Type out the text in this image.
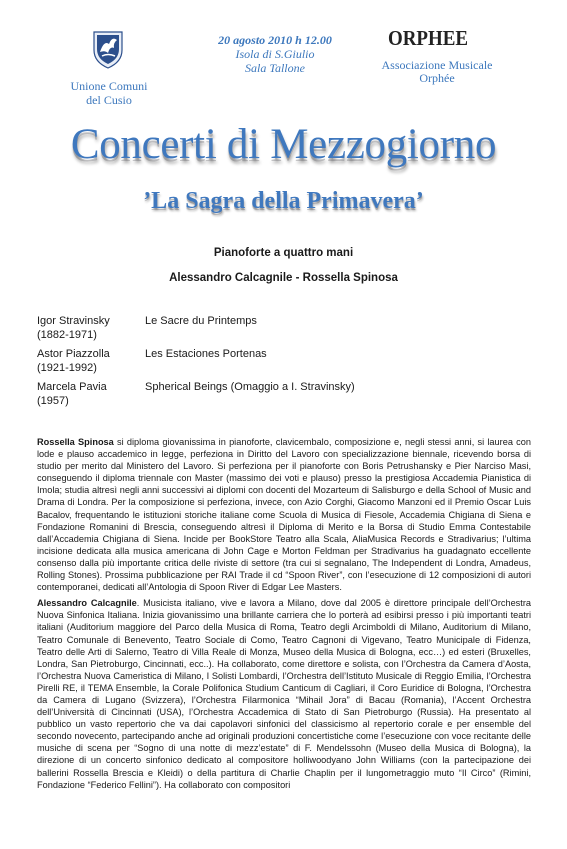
Unione Comuni
del Cusio
20 agosto 2010 h 12.00
Isola di S.Giulio
Sala Tallone
ORPHEE
Associazione Musicale
Orphée
Concerti di Mezzogiorno
’La Sagra della Primavera’
Pianoforte a quattro mani
Alessandro Calcagnile - Rossella Spinosa
Igor Stravinsky
(1882-1971)
Le Sacre du Printemps
Astor Piazzolla
(1921-1992)
Les Estaciones Portenas
Marcela Pavia
(1957)
Spherical Beings (Omaggio a I. Stravinsky)

Rossella Spinosa si diploma giovanissima in pianoforte, clavicembalo, composizione e, negli stessi anni, si laurea con lode e plauso accademico in legge, perfeziona in Diritto del Lavoro con specializzazione biennale, ricevendo borsa di studio per merito dal Ministero del Lavoro. Si perfeziona per il pianoforte con Boris Petrushansky e Pier Narciso Masi, conseguendo il diploma triennale con Master (massimo dei voti e plauso) presso la prestigiosa Accademia Pianistica di Imola; studia altresì negli anni successivi ai diplomi con docenti del Mozarteum di Salisburgo e della School of Music and Drama di Londra. Per la composizione si perfeziona, invece, con Azio Corghi, Giacomo Manzoni ed il Premio Oscar Luis Bacalov, frequentando le istituzioni storiche italiane come Scuola di Musica di Fiesole, Accademia Chigiana di Siena e Fondazione Romanini di Brescia, conseguendo altresì il Diploma di Merito e la Borsa di Studio Emma Contestabile dall’Accademia Chigiana di Siena. Incide per BookStore Teatro alla Scala, AliaMusica Records e Stradivarius; l’ultima incisione dedicata alla musica americana di John Cage e Morton Feldman per Stradivarius ha guadagnato eccellente consenso dalla più importante critica delle riviste di settore (tra cui si segnalano, The Independent di Londra, Amadeus, Rolling Stones). Prossima pubblicazione per RAI Trade il cd “Spoon River”, con l’esecuzione di 12 composizioni di autori contemporanei, dedicati all’Antologia di Spoon River di Edgar Lee Masters.

Alessandro Calcagnile. Musicista italiano, vive e lavora a Milano, dove dal 2005 è direttore principale dell’Orchestra Nuova Sinfonica Italiana. Inizia giovanissimo una brillante carriera che lo porterà ad esibirsi presso i più importanti teatri italiani (Auditorium maggiore del Parco della Musica di Roma, Teatro degli Arcimboldi di Milano, Auditorium di Milano, Teatro Comunale di Benevento, Teatro Sociale di Como, Teatro Cagnoni di Vigevano, Teatro Municipale di Fidenza, Teatro delle Arti di Salerno, Teatro di Villa Reale di Monza, Museo della Musica di Bologna, ecc…) ed esteri (Bruxelles, Londra, San Pietroburgo, Cincinnati, ecc..). Ha collaborato, come direttore e solista, con l’Orchestra da Camera d’Aosta, l’Orchestra Nuova Cameristica di Milano, I Solisti Lombardi, l’Orchestra dell’Istituto Musicale di Reggio Emilia, l’Orchestra Pirelli RE, il TEMA Ensemble, la Corale Polifonica Studium Canticum di Cagliari, il Coro Euridice di Bologna, l’Orchestra da Camera di Lugano (Svizzera), l’Orchestra Filarmonica “Mihail Jora” di Bacau (Romania), l’Accent Orchestra dell’Università di Cincinnati (USA), l’Orchestra Accademica di Stato di San Pietroburgo (Russia). Ha presentato al pubblico un vasto repertorio che va dai capolavori sinfonici del classicismo al repertorio corale e per ensemble del secondo novecento, partecipando anche ad originali produzioni concertistiche come l’esecuzione con voce recitante delle musiche di scena per “Sogno di una notte di mezz’estate” di F. Mendelssohn (Museo della Musica di Bologna), la direzione di un concerto sinfonico dedicato al compositore holliwoodyano John Williams (con la partecipazione dei ballerini Rossella Brescia e Kleidi) o della partitura di Charlie Chaplin per il lungometraggio muto “Il Circo” (Rimini, Fondazione “Federico Fellini”). Ha collaborato con compositori
